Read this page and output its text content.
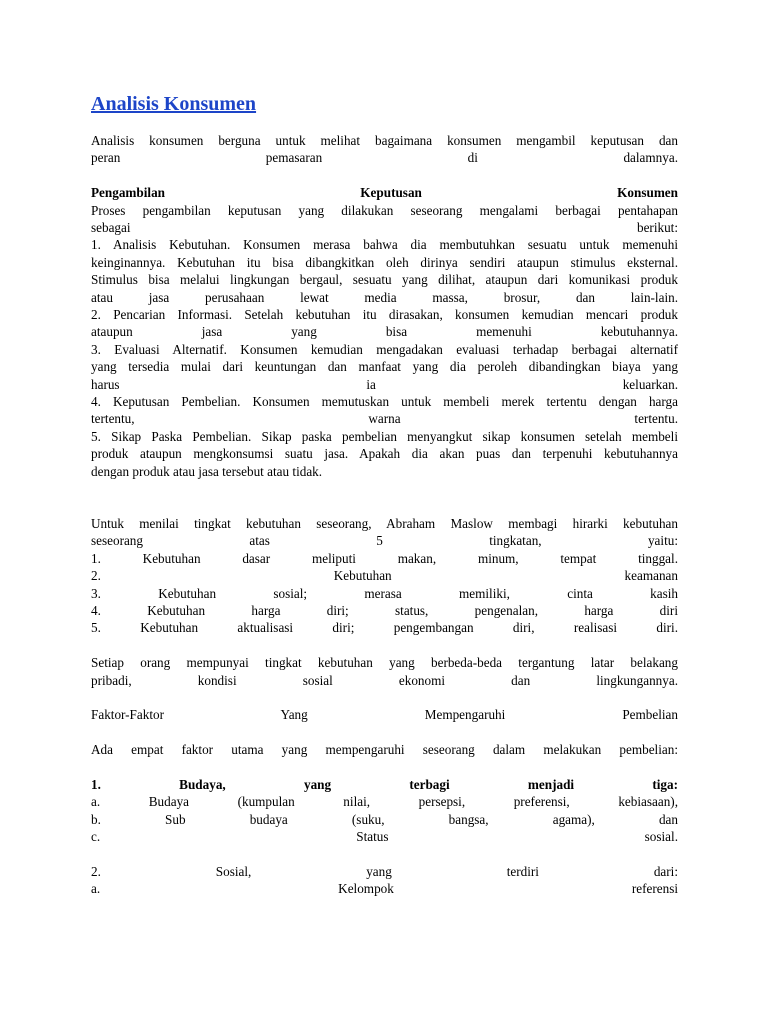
Analisis Konsumen
Analisis konsumen berguna untuk melihat bagaimana konsumen mengambil keputusan dan
peran pemasaran di dalamnya.
Pengambilan Keputusan Konsumen
Proses pengambilan keputusan yang dilakukan seseorang mengalami berbagai pentahapan
sebagai berikut:
1. Analisis Kebutuhan. Konsumen merasa bahwa dia membutuhkan sesuatu untuk memenuhi
keinginannya. Kebutuhan itu bisa dibangkitkan oleh dirinya sendiri ataupun stimulus eksternal.
Stimulus bisa melalui lingkungan bergaul, sesuatu yang dilihat, ataupun dari komunikasi produk
atau jasa perusahaan lewat media massa, brosur, dan lain-lain.
2. Pencarian Informasi. Setelah kebutuhan itu dirasakan, konsumen kemudian mencari produk
ataupun jasa yang bisa memenuhi kebutuhannya.
3. Evaluasi Alternatif. Konsumen kemudian mengadakan evaluasi terhadap berbagai alternatif
yang tersedia mulai dari keuntungan dan manfaat yang dia peroleh dibandingkan biaya yang
harus ia keluarkan.
4. Keputusan Pembelian. Konsumen memutuskan untuk membeli merek tertentu dengan harga
tertentu, warna tertentu.
5. Sikap Paska Pembelian. Sikap paska pembelian menyangkut sikap konsumen setelah membeli
produk ataupun mengkonsumsi suatu jasa. Apakah dia akan puas dan terpenuhi kebutuhannya
dengan produk atau jasa tersebut atau tidak.
Untuk menilai tingkat kebutuhan seseorang, Abraham Maslow membagi hirarki kebutuhan
seseorang atas 5 tingkatan, yaitu:
1. Kebutuhan dasar meliputi makan, minum, tempat tinggal.
2. Kebutuhan keamanan
3. Kebutuhan sosial; merasa memiliki, cinta kasih
4. Kebutuhan harga diri; status, pengenalan, harga diri
5. Kebutuhan aktualisasi diri; pengembangan diri, realisasi diri.
Setiap orang mempunyai tingkat kebutuhan yang berbeda-beda tergantung latar belakang
pribadi, kondisi sosial ekonomi dan lingkungannya.
Faktor-Faktor Yang Mempengaruhi Pembelian
Ada empat faktor utama yang mempengaruhi seseorang dalam melakukan pembelian:
1. Budaya, yang terbagi menjadi tiga:
a. Budaya (kumpulan nilai, persepsi, preferensi, kebiasaan),
b. Sub budaya (suku, bangsa, agama), dan
c. Status sosial.
2. Sosial, yang terdiri dari:
a. Kelompok referensi
